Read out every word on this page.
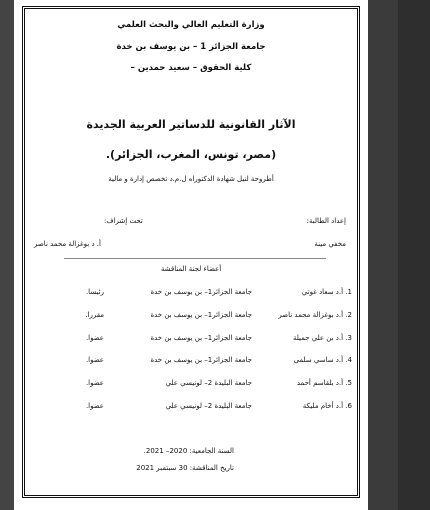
وزارة التعليم العالي والبحث العلمي
جامعة الجزائر 1 – بن يوسف بن خدة
كلية الحقوق – سعيد حمدين –
الآثار القانونية للدساتير العربية الجديدة
(مصر، تونس، المغرب، الجزائر).
أطروحة لنيل شهادة الدكتوراه ل.م.د تخصص إدارة و مالية
إعداد الطالبة:
تحت إشراف:
مخفي مينة
أ. د بوغزالة محمد ناصر
أعضاء لجنة المناقشة
1. أ.د سعاد غوتي
جامعة الجزائر1– بن يوسف بن خدة
رئيسا.
2. أ.د بوغزالة محمد ناصر
جامعة الجزائر1– بن يوسف بن خدة
مقررا.
3. أ.د بن علي جميلة
جامعة الجزائر1– بن يوسف بن خدة
عضوا.
4. أ.د ساسي سلمى
جامعة الجزائر1– بن يوسف بن خدة
عضوا.
5. أ.د بلقاسم أحمد
جامعة البليدة 2– لونيسي علي
عضوا.
6. أ.د أخام مليكة
جامعة البليدة 2– لونيسي علي
عضوا.
السنة الجامعية: 2020– 2021.
تاريخ المناقشة: 30 سبتمبر 2021
